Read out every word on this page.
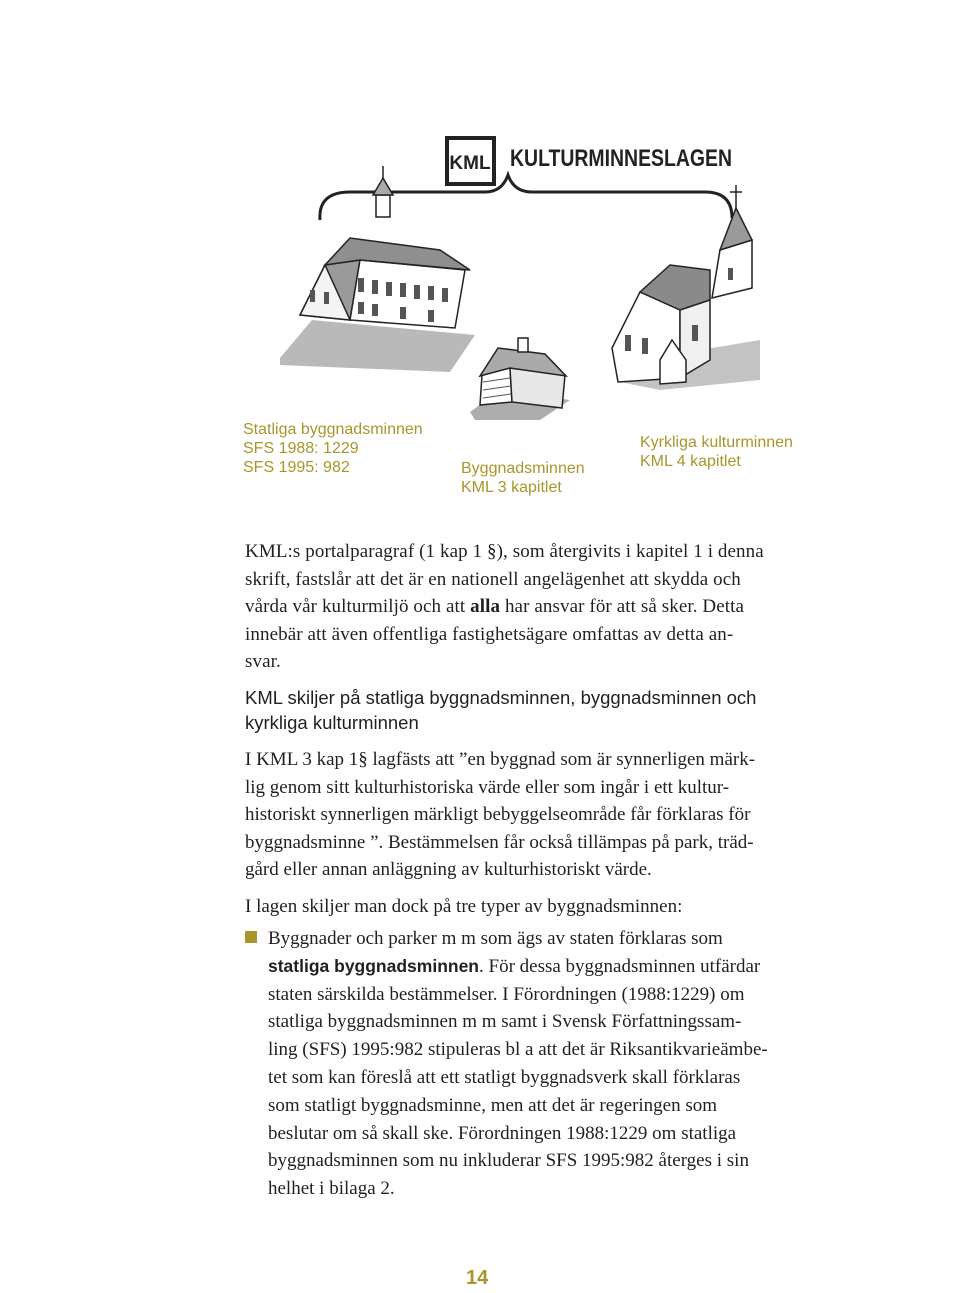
KML KULTURMINNESLAGEN
Statliga byggnadsminnen
SFS 1988: 1229
SFS 1995: 982	Byggnadsminnen
KML 3 kapitlet
Kyrkliga kulturminnen
KML 4 kapitlet
KML:s portalparagraf (1 kap 1 §), som återgivits i kapitel 1 i denna
skrift, fastslår att det är en nationell angelägenhet att skydda och
vårda vår kulturmiljö och att alla har ansvar för att så sker. Detta
innebär att även offentliga fastighetsägare omfattas av detta an-
svar.
KML skiljer på statliga byggnadsminnen, byggnadsminnen och
kyrkliga kulturminnen
I KML 3 kap 1§ lagfästs att ”en byggnad som är synnerligen märk-
lig genom sitt kulturhistoriska värde eller som ingår i ett kultur-
historiskt synnerligen märkligt bebyggelseområde får förklaras för
byggnadsminne ”. Bestämmelsen får också tillämpas på park, träd-
gård eller annan anläggning av kulturhistoriskt värde.
I lagen skiljer man dock på tre typer av byggnadsminnen:
Byggnader och parker m m som ägs av staten förklaras som
statliga byggnadsminnen. För dessa byggnadsminnen utfärdar
staten särskilda bestämmelser. I Förordningen (1988:1229) om
statliga byggnadsminnen m m samt i Svensk Författningssam-
ling (SFS) 1995:982 stipuleras bl a att det är Riksantikvarieämbe-
tet som kan föreslå att ett statligt byggnadsverk skall förklaras
som statligt byggnadsminne, men att det är regeringen som
beslutar om så skall ske. Förordningen 1988:1229 om statliga
byggnadsminnen som nu inkluderar SFS 1995:982 återges i sin
helhet i bilaga 2.
14
